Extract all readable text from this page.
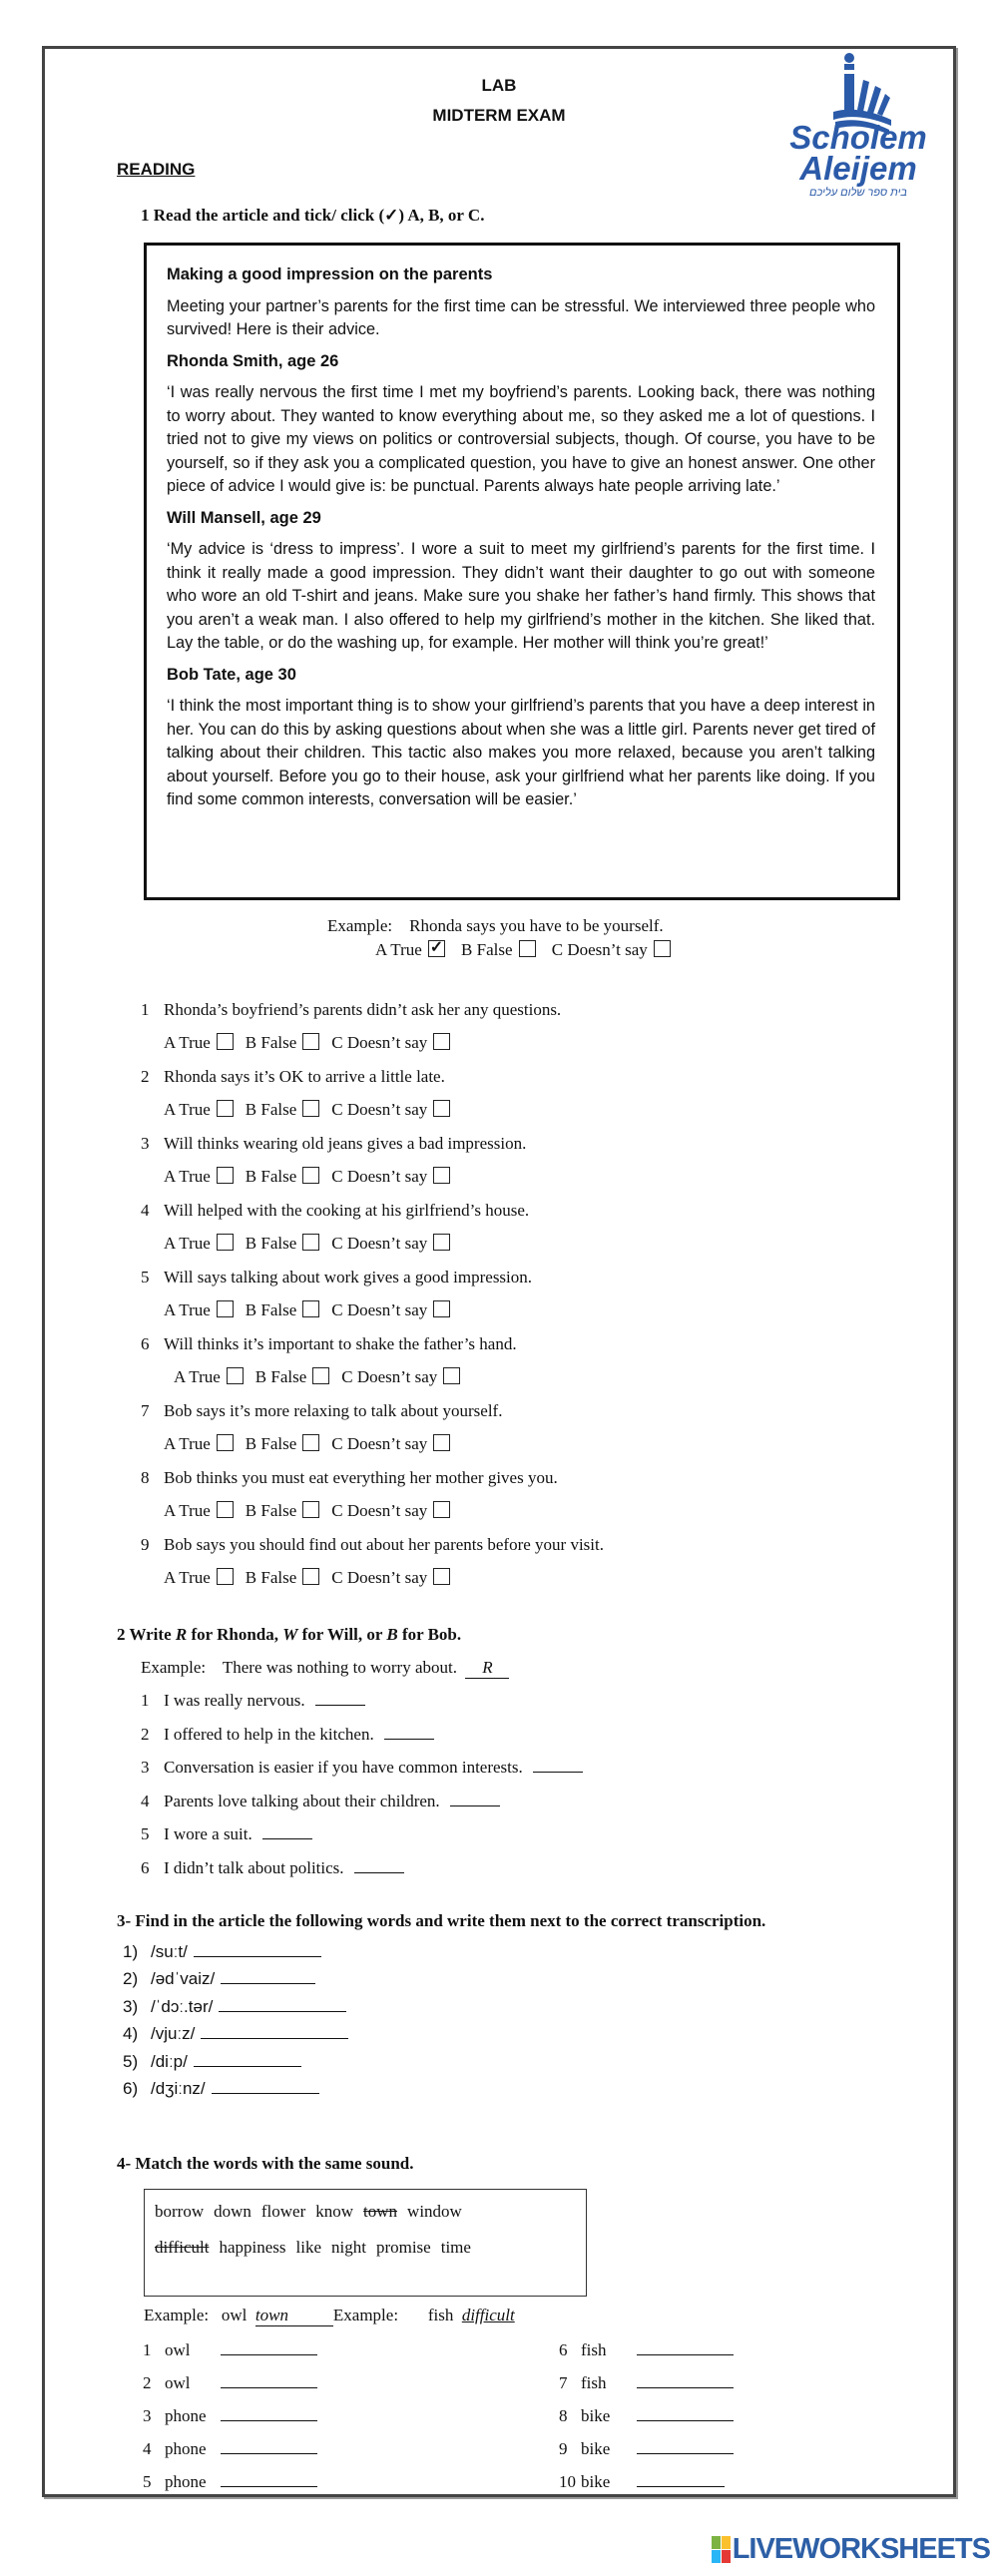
LAB
MIDTERM EXAM
Scholem
Aleijem
בית ספר שלום עליכם
READING
1 Read the article and tick/ click (✓) A, B, or C.
Making a good impression on the parents

Meeting your partner’s parents for the first time can be stressful. We interviewed three people who survived! Here is their advice.

Rhonda Smith, age 26

‘I was really nervous the first time I met my boyfriend’s parents. Looking back, there was nothing to worry about. They wanted to know everything about me, so they asked me a lot of questions. I tried not to give my views on politics or controversial subjects, though. Of course, you have to be yourself, so if they ask you a complicated question, you have to give an honest answer. One other piece of advice I would give is: be punctual. Parents always hate people arriving late.’

Will Mansell, age 29

‘My advice is ‘dress to impress’. I wore a suit to meet my girlfriend’s parents for the first time. I think it really made a good impression. They didn’t want their daughter to go out with someone who wore an old T-shirt and jeans. Make sure you shake her father’s hand firmly. This shows that you aren’t a weak man. I also offered to help my girlfriend’s mother in the kitchen. She liked that. Lay the table, or do the washing up, for example. Her mother will think you’re great!’

Bob Tate, age 30

‘I think the most important thing is to show your girlfriend’s parents that you have a deep interest in her. You can do this by asking questions about when she was a little girl. Parents never get tired of talking about their children. This tactic also makes you more relaxed, because you aren’t talking about yourself. Before you go to their house, ask your girlfriend what her parents like doing. If you find some common interests, conversation will be easier.’

Example: Rhonda says you have to be yourself.
A True ✓ B False C Doesn’t say
1 Rhonda’s boyfriend’s parents didn’t ask her any questions.
A True B False C Doesn’t say
2 Rhonda says it’s OK to arrive a little late.
A True B False C Doesn’t say
3 Will thinks wearing old jeans gives a bad impression.
A True B False C Doesn’t say
4 Will helped with the cooking at his girlfriend’s house.
A True B False C Doesn’t say
5 Will says talking about work gives a good impression.
A True B False C Doesn’t say
6 Will thinks it’s important to shake the father’s hand.
A True B False C Doesn’t say
7 Bob says it’s more relaxing to talk about yourself.
A True B False C Doesn’t say
8 Bob thinks you must eat everything her mother gives you.
A True B False C Doesn’t say
9 Bob says you should find out about her parents before your visit.
A True B False C Doesn’t say
2 Write R for Rhonda, W for Will, or B for Bob.
Example: There was nothing to worry about. R
1 I was really nervous.
2 I offered to help in the kitchen.
3 Conversation is easier if you have common interests.
4 Parents love talking about their children.
5 I wore a suit.
6 I didn’t talk about politics.
3- Find in the article the following words and write them next to the correct transcription.
1) /suːt/
2) /ədˈvaiz/
3) /ˈdɔː.tər/
4) /vjuːz/
5) /diːp/
6) /dʒiːnz/
4- Match the words with the same sound.
borrow down flower know town window
difficult happiness like night promise time
Example: owl town	Example: fish difficult
1 owl
2 owl
3 phone
4 phone
5 phone
6 fish
7 fish
8 bike
9 bike
10 bike
LIVEWORKSHEETS
